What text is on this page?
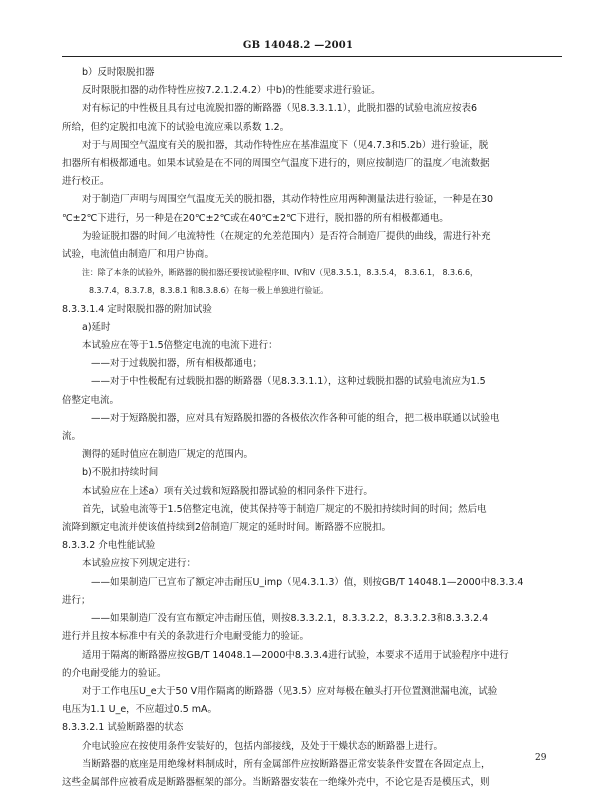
GB 14048.2 —2001
b）反时限脱扣器
反时限脱扣器的动作特性应按7.2.1.2.4.2）中b)的性能要求进行验证。
对有标记的中性极且具有过电流脱扣器的断路器（见8.3.3.1.1），此脱扣器的试验电流应按表6
所给，但约定脱扣电流下的试验电流应乘以系数 1.2。
对于与周围空气温度有关的脱扣器，其动作特性应在基准温度下（见4.7.3和5.2b）进行验证，脱
扣器所有相极都通电。如果本试验是在不同的周围空气温度下进行的，则应按制造厂的温度／电流数据
进行校正。
对于制造厂声明与周围空气温度无关的脱扣器，其动作特性应用两种测量法进行验证，一种是在30
℃±2℃下进行，另一种是在20℃±2℃或在40℃±2℃下进行，脱扣器的所有相极都通电。
为验证脱扣器的时间／电流特性（在规定的允差范围内）是否符合制造厂提供的曲线，需进行补充
试验，电流值由制造厂和用户协商。
注：除了本条的试验外，断路器的脱扣器还要按试验程序III、IV和V（见8.3.5.1，8.3.5.4， 8.3.6.1， 8.3.6.6，
8.3.7.4，8.3.7.8，8.3.8.1 和8.3.8.6）在每一极上单独进行验证。
8.3.3.1.4 定时限脱扣器的附加试验
a)延时
本试验应在等于1.5倍整定电流的电流下进行：
——对于过载脱扣器，所有相极都通电；
——对于中性极配有过载脱扣器的断路器（见8.3.3.1.1），这种过载脱扣器的试验电流应为1.5
倍整定电流。
——对于短路脱扣器，应对具有短路脱扣器的各极依次作各种可能的组合，把二极串联通以试验电
流。
测得的延时值应在制造厂规定的范围内。
b)不脱扣持续时间
本试验应在上述a）项有关过载和短路脱扣器试验的相同条件下进行。
首先，试验电流等于1.5倍整定电流，使其保持等于制造厂规定的不脱扣持续时间的时间；然后电
流降到额定电流并使该值持续到2倍制造厂规定的延时时间。断路器不应脱扣。
8.3.3.2 介电性能试验
本试验应按下列规定进行：
——如果制造厂已宣布了额定冲击耐压U_imp（见4.3.1.3）值，则按GB/T 14048.1—2000中8.3.3.4
进行；
——如果制造厂没有宣布额定冲击耐压值，则按8.3.3.2.1，8.3.3.2.2，8.3.3.2.3和8.3.3.2.4
进行并且按本标准中有关的条款进行介电耐受能力的验证。
适用于隔离的断路器应按GB/T 14048.1—2000中8.3.3.4进行试验，本要求不适用于试验程序中进行
的介电耐受能力的验证。
对于工作电压U_e大于50 V用作隔离的断路器（见3.5）应对每极在触头打开位置测泄漏电流，试验
电压为1.1 U_e，不应超过0.5 mA。
8.3.3.2.1 试验断路器的状态
介电试验应在按使用条件安装好的，包括内部接线，及处于干燥状态的断路器上进行。
当断路器的底座是用绝缘材料制成时，所有金属部件应按断路器正常安装条件安置在各固定点上，
这些金属部件应被看成是断路器框架的部分。当断路器安装在一绝缘外壳中，不论它是否是模压式，则
29
